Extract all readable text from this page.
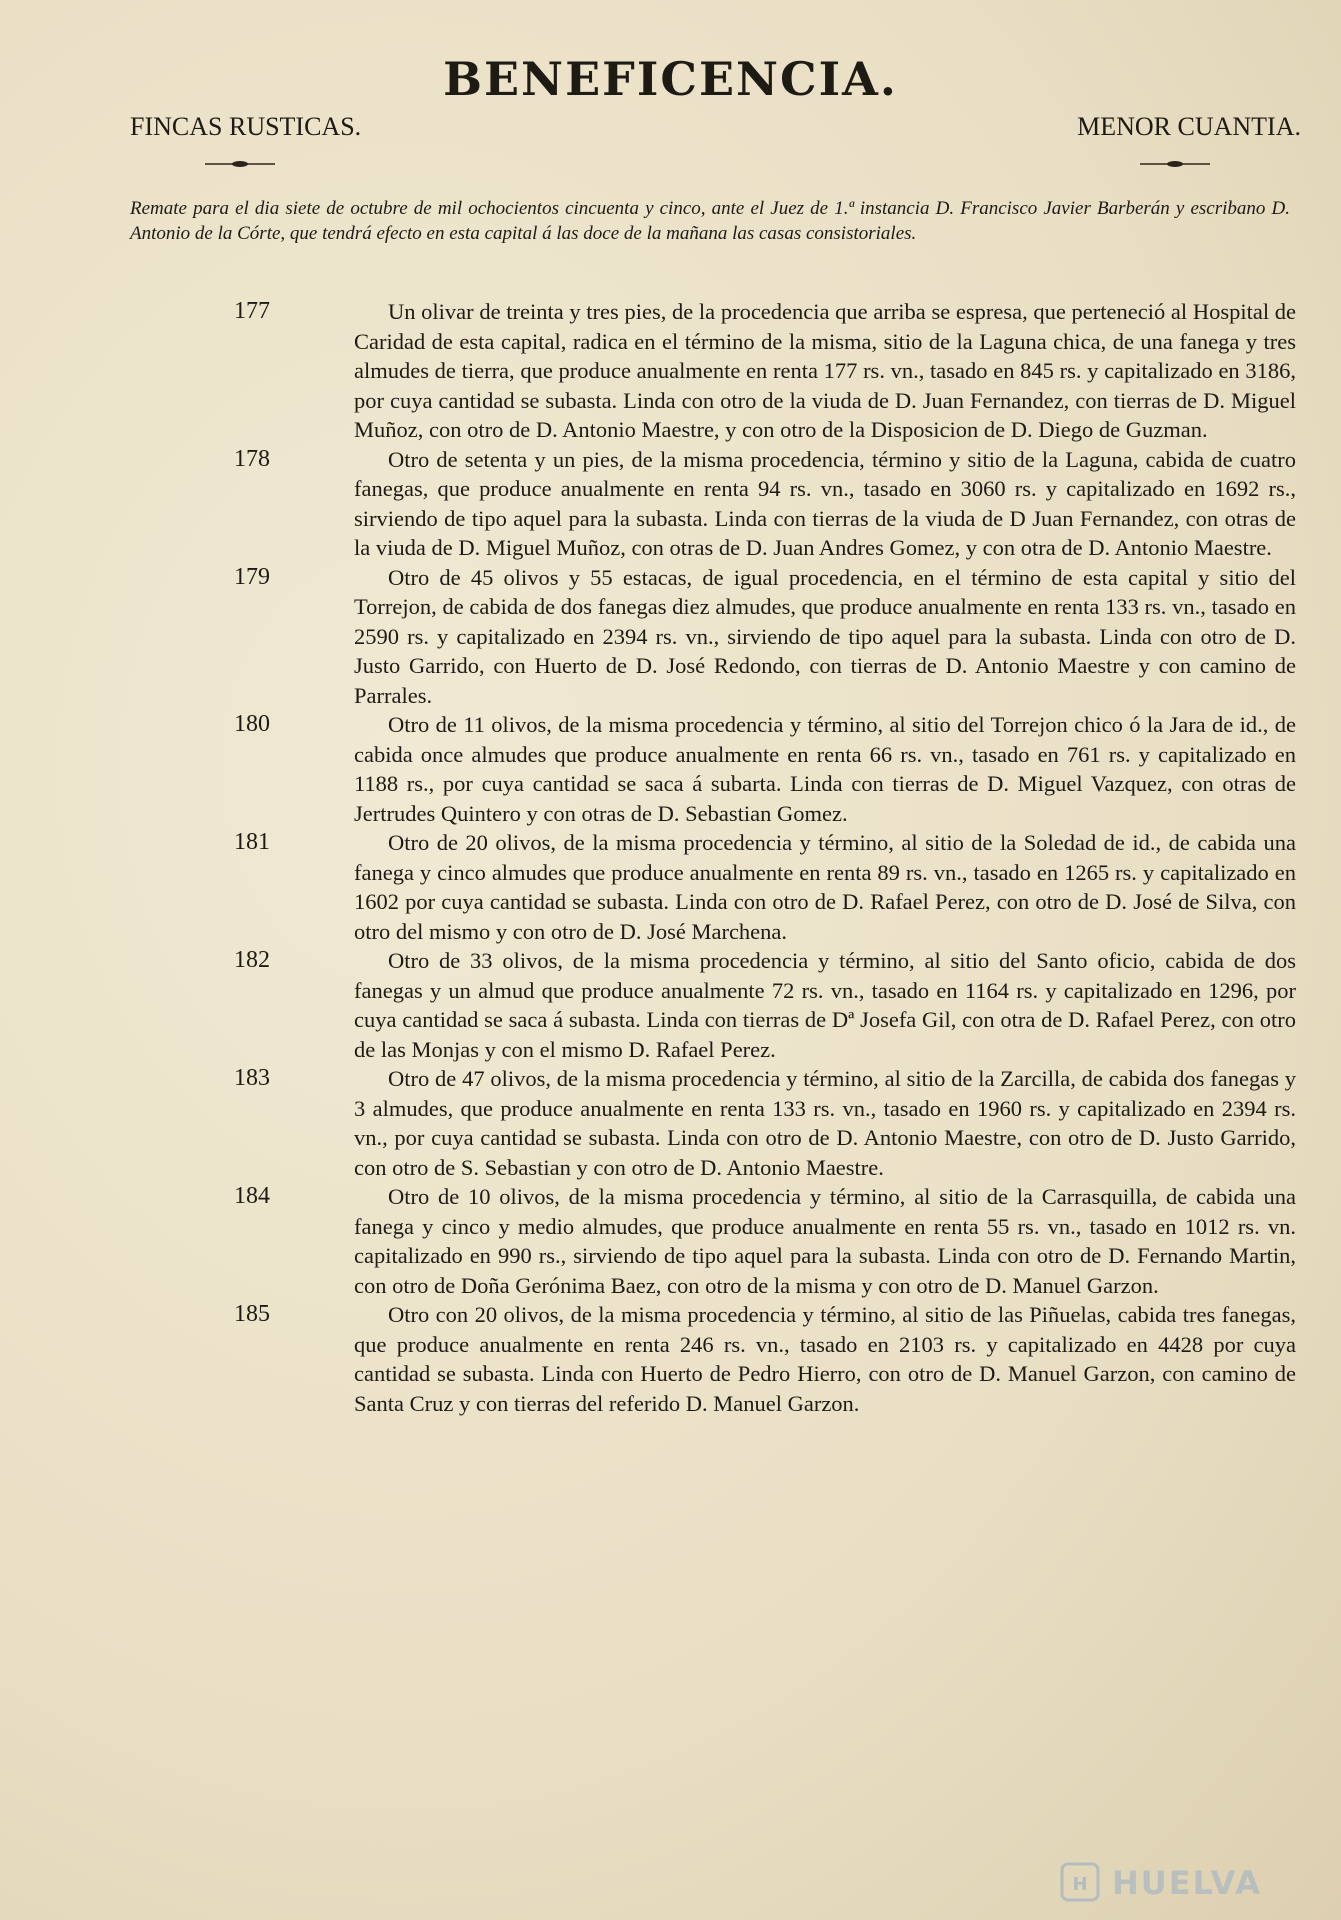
BENEFICENCIA.
FINCAS RUSTICAS.	MENOR CUANTIA.
Remate para el dia siete de octubre de mil ochocientos cincuenta y cinco, ante el Juez de 1.ª instancia D. Francisco Javier Barberán y escribano D. Antonio de la Córte, que tendrá efecto en esta capital á las doce de la mañana las casas consistoriales.
177	Un olivar de treinta y tres pies, de la procedencia que arriba se espresa, que perteneció al Hospital de Caridad de esta capital, radica en el término de la misma, sitio de la Laguna chica, de una fanega y tres almudes de tierra, que produce anualmente en renta 177 rs. vn., tasado en 845 rs. y capitalizado en 3186, por cuya cantidad se subasta. Linda con otro de la viuda de D. Juan Fernandez, con tierras de D. Miguel Muñoz, con otro de D. Antonio Maestre, y con otro de la Disposicion de D. Diego de Guzman.
178	Otro de setenta y un pies, de la misma procedencia, término y sitio de la Laguna, cabida de cuatro fanegas, que produce anualmente en renta 94 rs. vn., tasado en 3060 rs. y capitalizado en 1692 rs., sirviendo de tipo aquel para la subasta. Linda con tierras de la viuda de D Juan Fernandez, con otras de la viuda de D. Miguel Muñoz, con otras de D. Juan Andres Gomez, y con otra de D. Antonio Maestre.
179	Otro de 45 olivos y 55 estacas, de igual procedencia, en el término de esta capital y sitio del Torrejon, de cabida de dos fanegas diez almudes, que produce anualmente en renta 133 rs. vn., tasado en 2590 rs. y capitalizado en 2394 rs. vn., sirviendo de tipo aquel para la subasta. Linda con otro de D. Justo Garrido, con Huerto de D. José Redondo, con tierras de D. Antonio Maestre y con camino de Parrales.
180	Otro de 11 olivos, de la misma procedencia y término, al sitio del Torrejon chico ó la Jara de id., de cabida once almudes que produce anualmente en renta 66 rs. vn., tasado en 761 rs. y capitalizado en 1188 rs., por cuya cantidad se saca á subarta. Linda con tierras de D. Miguel Vazquez, con otras de Jertrudes Quintero y con otras de D. Sebastian Gomez.
181	Otro de 20 olivos, de la misma procedencia y término, al sitio de la Soledad de id., de cabida una fanega y cinco almudes que produce anualmente en renta 89 rs. vn., tasado en 1265 rs. y capitalizado en 1602 por cuya cantidad se subasta. Linda con otro de D. Rafael Perez, con otro de D. José de Silva, con otro del mismo y con otro de D. José Marchena.
182	Otro de 33 olivos, de la misma procedencia y término, al sitio del Santo oficio, cabida de dos fanegas y un almud que produce anualmente 72 rs. vn., tasado en 1164 rs. y capitalizado en 1296, por cuya cantidad se saca á subasta. Linda con tierras de Dª Josefa Gil, con otra de D. Rafael Perez, con otro de las Monjas y con el mismo D. Rafael Perez.
183	Otro de 47 olivos, de la misma procedencia y término, al sitio de la Zarcilla, de cabida dos fanegas y 3 almudes, que produce anualmente en renta 133 rs. vn., tasado en 1960 rs. y capitalizado en 2394 rs. vn., por cuya cantidad se subasta. Linda con otro de D. Antonio Maestre, con otro de D. Justo Garrido, con otro de S. Sebastian y con otro de D. Antonio Maestre.
184	Otro de 10 olivos, de la misma procedencia y término, al sitio de la Carrasquilla, de cabida una fanega y cinco y medio almudes, que produce anualmente en renta 55 rs. vn., tasado en 1012 rs. vn. capitalizado en 990 rs., sirviendo de tipo aquel para la subasta. Linda con otro de D. Fernando Martin, con otro de Doña Gerónima Baez, con otro de la misma y con otro de D. Manuel Garzon.
185	Otro con 20 olivos, de la misma procedencia y término, al sitio de las Piñuelas, cabida tres fanegas, que produce anualmente en renta 246 rs. vn., tasado en 2103 rs. y capitalizado en 4428 por cuya cantidad se subasta. Linda con Huerto de Pedro Hierro, con otro de D. Manuel Garzon, con camino de Santa Cruz y con tierras del referido D. Manuel Garzon.
H HUELVA
